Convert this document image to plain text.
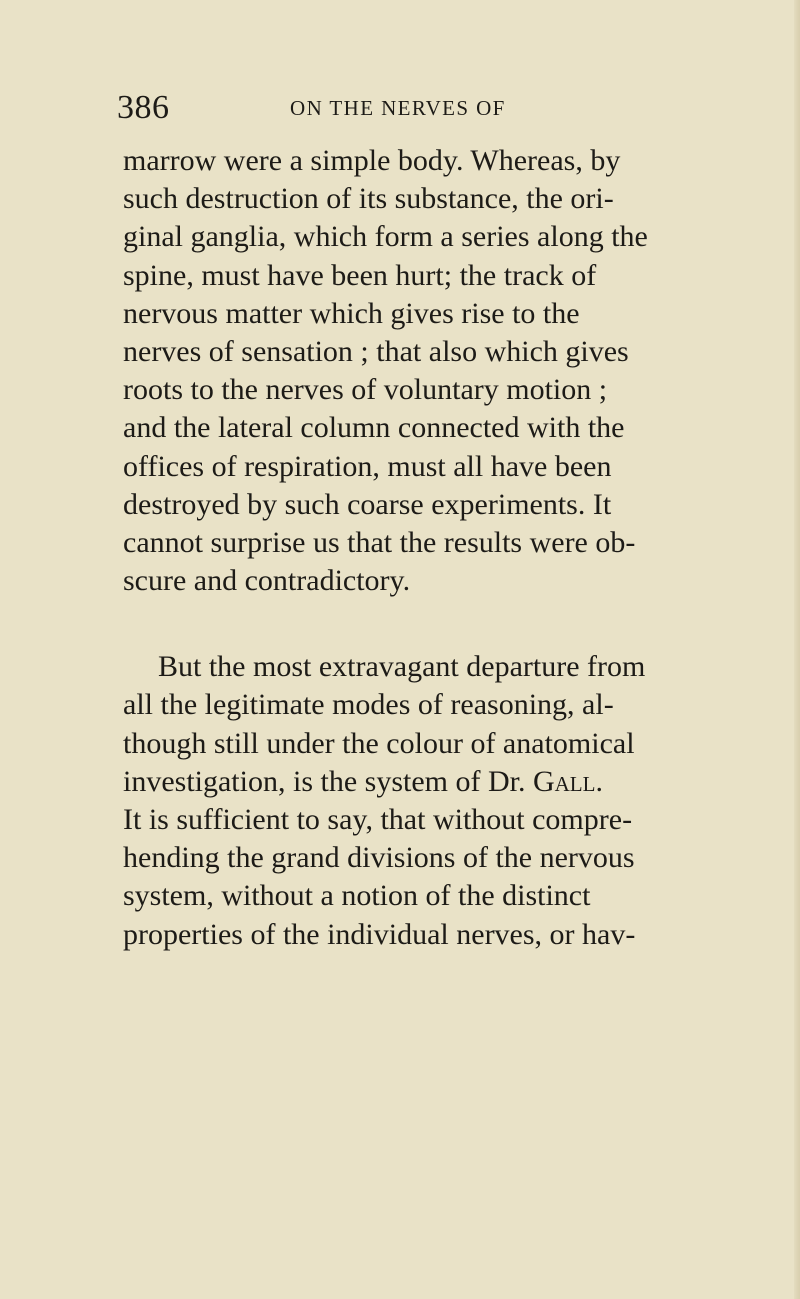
386	ON THE NERVES OF
marrow were a simple body. Whereas, by
such destruction of its substance, the ori-
ginal ganglia, which form a series along the
spine, must have been hurt; the track of
nervous matter which gives rise to the
nerves of sensation ; that also which gives
roots to the nerves of voluntary motion ;
and the lateral column connected with the
offices of respiration, must all have been
destroyed by such coarse experiments. It
cannot surprise us that the results were ob-
scure and contradictory.
But the most extravagant departure from
all the legitimate modes of reasoning, al-
though still under the colour of anatomical
investigation, is the system of Dr. Gall.
It is sufficient to say, that without compre-
hending the grand divisions of the nervous
system, without a notion of the distinct
properties of the individual nerves, or hav-
